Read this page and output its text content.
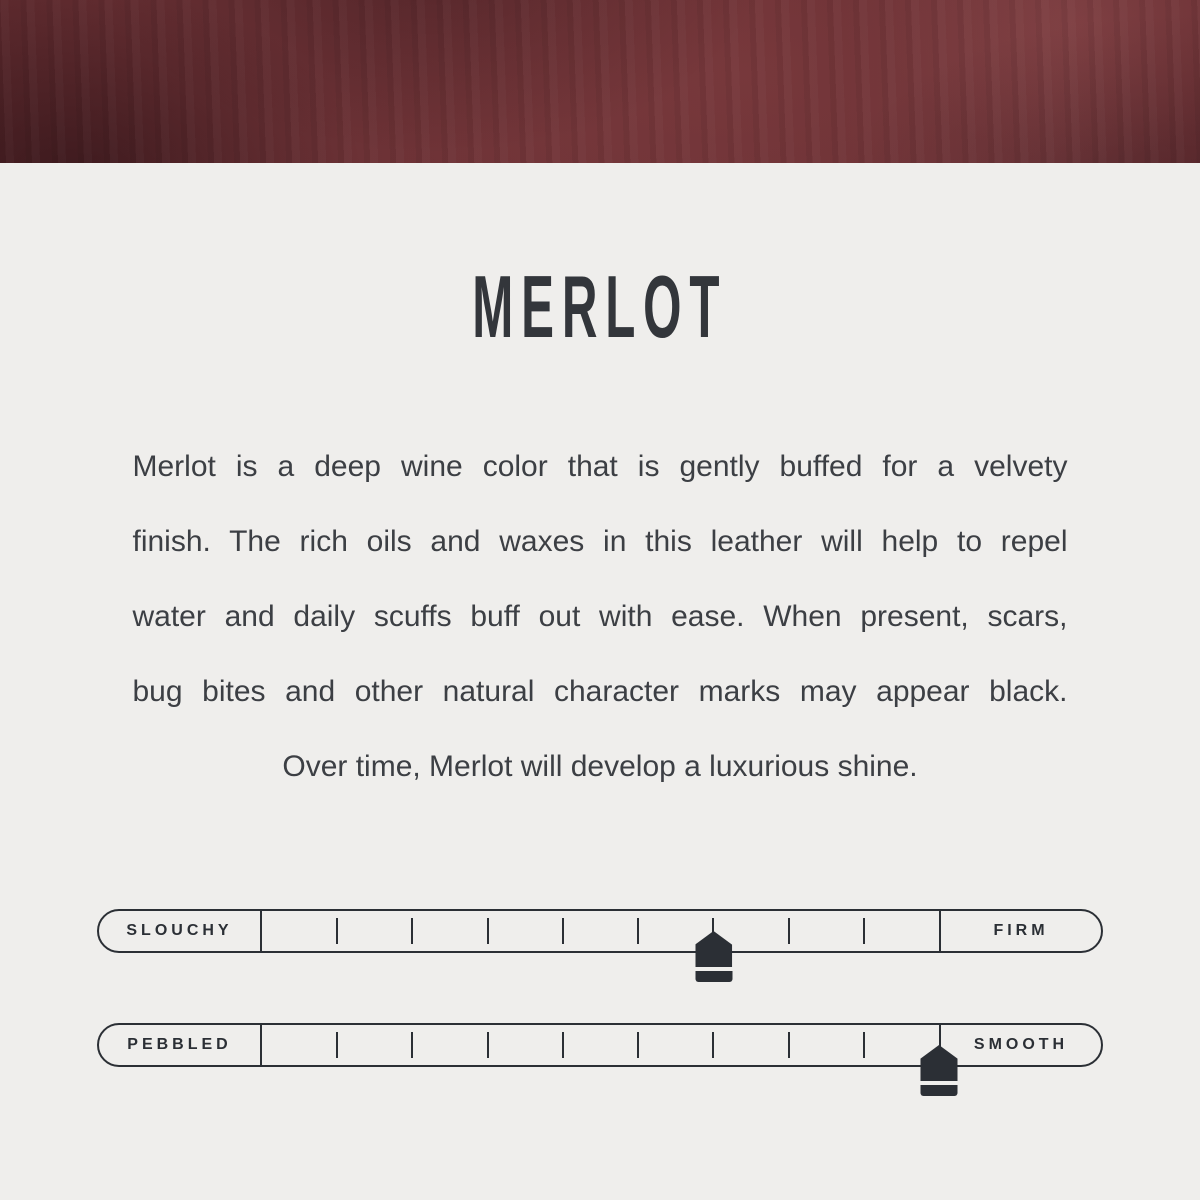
MERLOT
Merlot is a deep wine color that is gently buffed for a velvety
finish. The rich oils and waxes in this leather will help to repel
water and daily scuffs buff out with ease. When present, scars,
bug bites and other natural character marks may appear black.
Over time, Merlot will develop a luxurious shine.
SLOUCHY	FIRM
PEBBLED	SMOOTH
